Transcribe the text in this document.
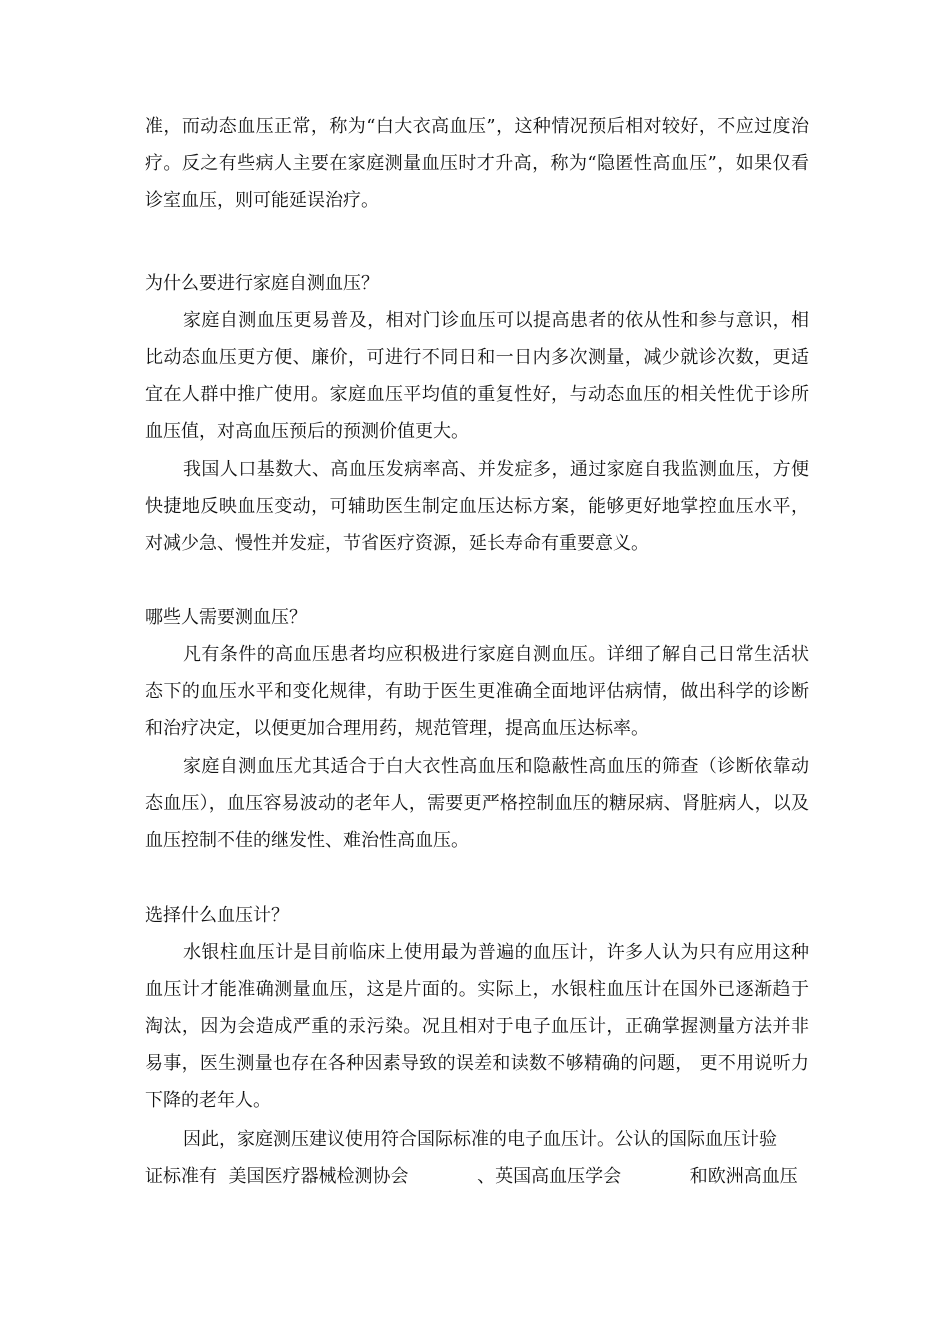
准，而动态血压正常，称为“白大衣高血压”，这种情况预后相对较好，不应过度治疗。反之有些病人主要在家庭测量血压时才升高，称为“隐匿性高血压”，如果仅看诊室血压，则可能延误治疗。

为什么要进行家庭自测血压？

家庭自测血压更易普及，相对门诊血压可以提高患者的依从性和参与意识，相比动态血压更方便、廉价，可进行不同日和一日内多次测量，减少就诊次数，更适宜在人群中推广使用。家庭血压平均值的重复性好，与动态血压的相关性优于诊所血压值，对高血压预后的预测价值更大。

我国人口基数大、高血压发病率高、并发症多，通过家庭自我监测血压，方便快捷地反映血压变动，可辅助医生制定血压达标方案，能够更好地掌控血压水平，对减少急、慢性并发症，节省医疗资源，延长寿命有重要意义。

哪些人需要测血压？

凡有条件的高血压患者均应积极进行家庭自测血压。详细了解自己日常生活状态下的血压水平和变化规律，有助于医生更准确全面地评估病情，做出科学的诊断和治疗决定，以便更加合理用药，规范管理，提高血压达标率。

家庭自测血压尤其适合于白大衣性高血压和隐蔽性高血压的筛查（诊断依靠动态血压），血压容易波动的老年人，需要更严格控制血压的糖尿病、肾脏病人，以及血压控制不佳的继发性、难治性高血压。

选择什么血压计？

水银柱血压计是目前临床上使用最为普遍的血压计，许多人认为只有应用这种血压计才能准确测量血压，这是片面的。实际上，水银柱血压计在国外已逐渐趋于淘汰，因为会造成严重的汞污染。况且相对于电子血压计，正确掌握测量方法并非易事，医生测量也存在各种因素导致的误差和读数不够精确的问题， 更不用说听力下降的老年人。

因此，家庭测压建议使用符合国际标准的电子血压计。公认的国际血压计验

证标准有  美国医疗器械检测协会            、英国高血压学会            和欧洲高血压
